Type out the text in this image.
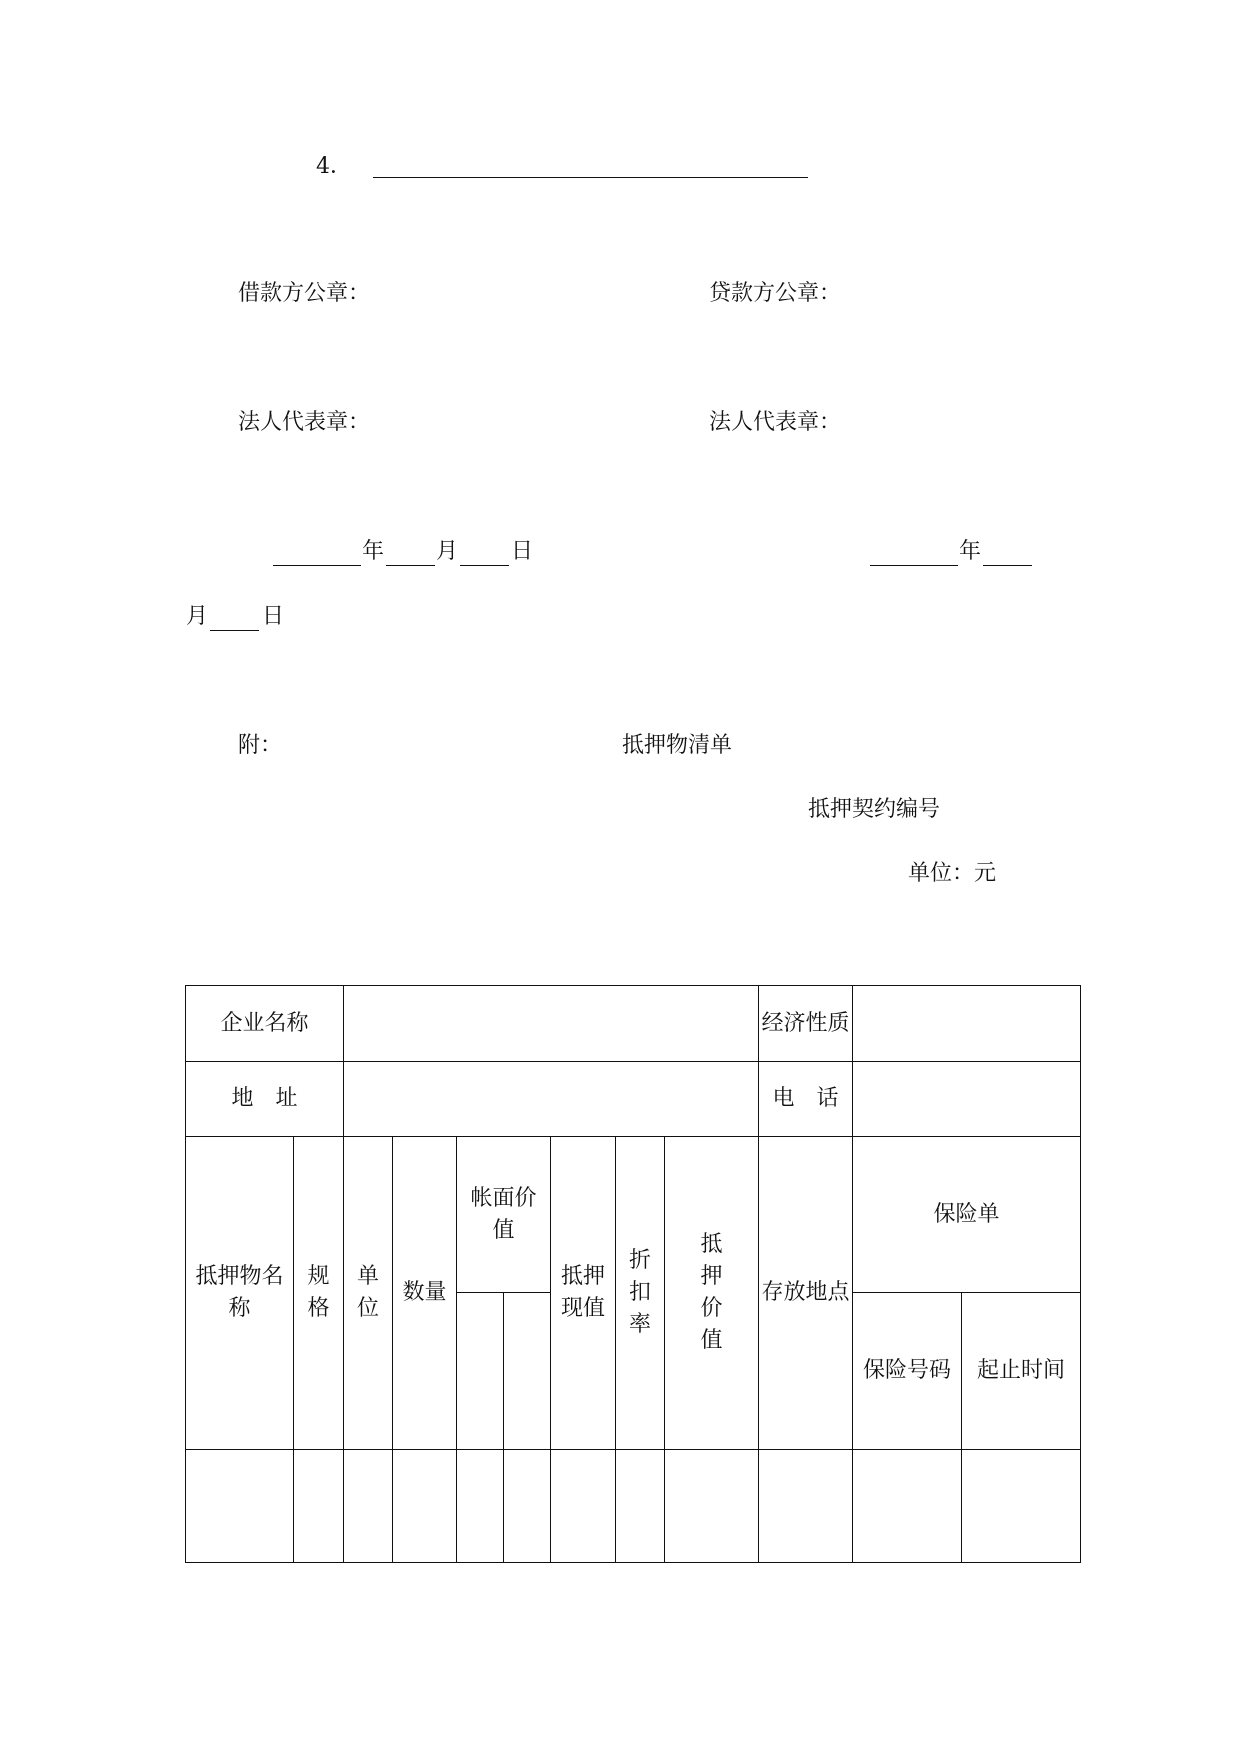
4．
借款方公章：	贷款方公章：
法人代表章：	法人代表章：
年 月 日	年
月 日
附：	抵押物清单
抵押契约编号
单位：元
企业名称									经济性质		
地　址									电　话		
抵押物名称	规格	单位	数量	帐面价值		抵押现值	折扣率	抵押价值	存放地点	保险单	
										保险号码	起止时间
